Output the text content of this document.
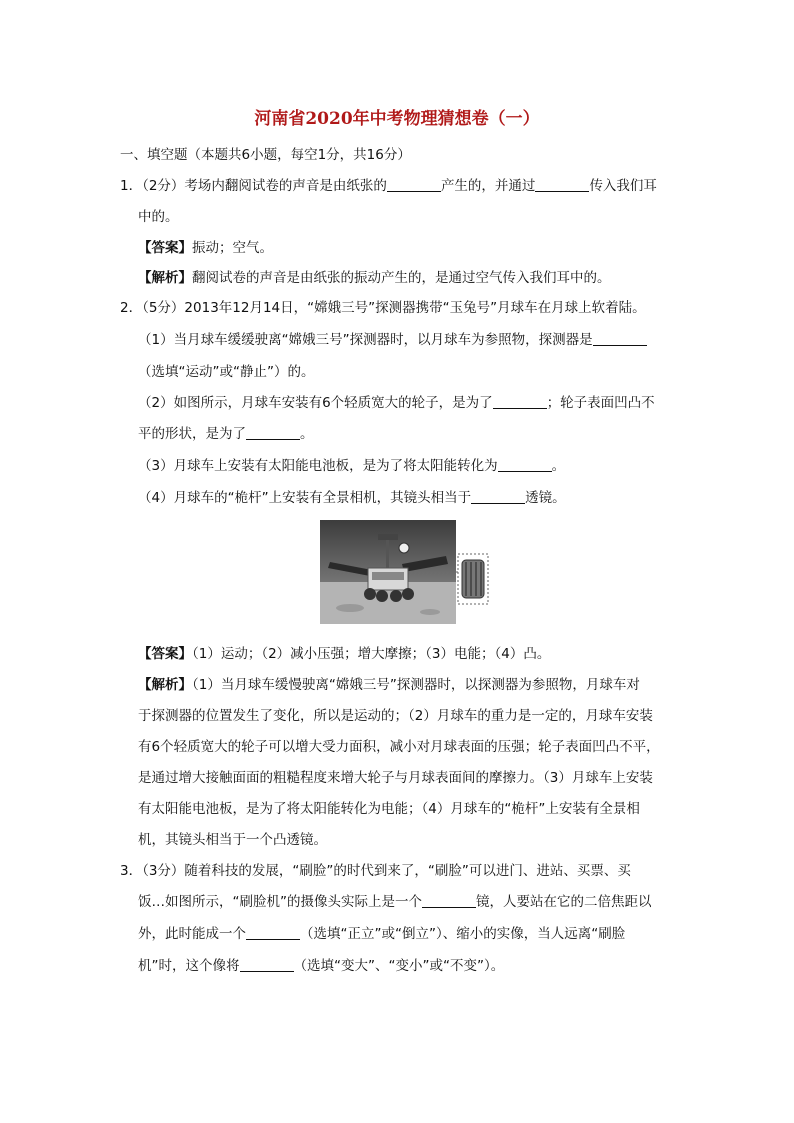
河南省2020年中考物理猜想卷（一）
一、填空题（本题共6小题，每空1分，共16分）
1．（2分）考场内翻阅试卷的声音是由纸张的	产生的，并通过	传入我们耳
中的。
【答案】振动；空气。
【解析】翻阅试卷的声音是由纸张的振动产生的，是通过空气传入我们耳中的。
2．（5分）2013年12月14日，“嫦娥三号”探测器携带“玉兔号”月球车在月球上软着陆。
（1）当月球车缓缓驶离“嫦娥三号”探测器时，以月球车为参照物，探测器是
（选填“运动”或“静止”）的。
（2）如图所示，月球车安装有6个轻质宽大的轮子，是为了	；轮子表面凹凸不
平的形状，是为了	。
（3）月球车上安装有太阳能电池板，是为了将太阳能转化为	。
（4）月球车的“桅杆”上安装有全景相机，其镜头相当于	透镜。
【答案】（1）运动；（2）减小压强；增大摩擦；（3）电能；（4）凸。
【解析】（1）当月球车缓慢驶离“嫦娥三号”探测器时，以探测器为参照物，月球车对
于探测器的位置发生了变化，所以是运动的；（2）月球车的重力是一定的，月球车安装
有6个轻质宽大的轮子可以增大受力面积，减小对月球表面的压强；轮子表面凹凸不平，
是通过增大接触面面的粗糙程度来增大轮子与月球表面间的摩擦力。（3）月球车上安装
有太阳能电池板，是为了将太阳能转化为电能；（4）月球车的“桅杆”上安装有全景相
机，其镜头相当于一个凸透镜。
3．（3分）随着科技的发展，“刷脸”的时代到来了，“刷脸”可以进门、进站、买票、买
饭…如图所示，“刷脸机”的摄像头实际上是一个	镜，人要站在它的二倍焦距以
外，此时能成一个	（选填“正立”或“倒立”）、缩小的实像，当人远离“刷脸
机”时，这个像将	（选填“变大”、“变小”或“不变”）。
